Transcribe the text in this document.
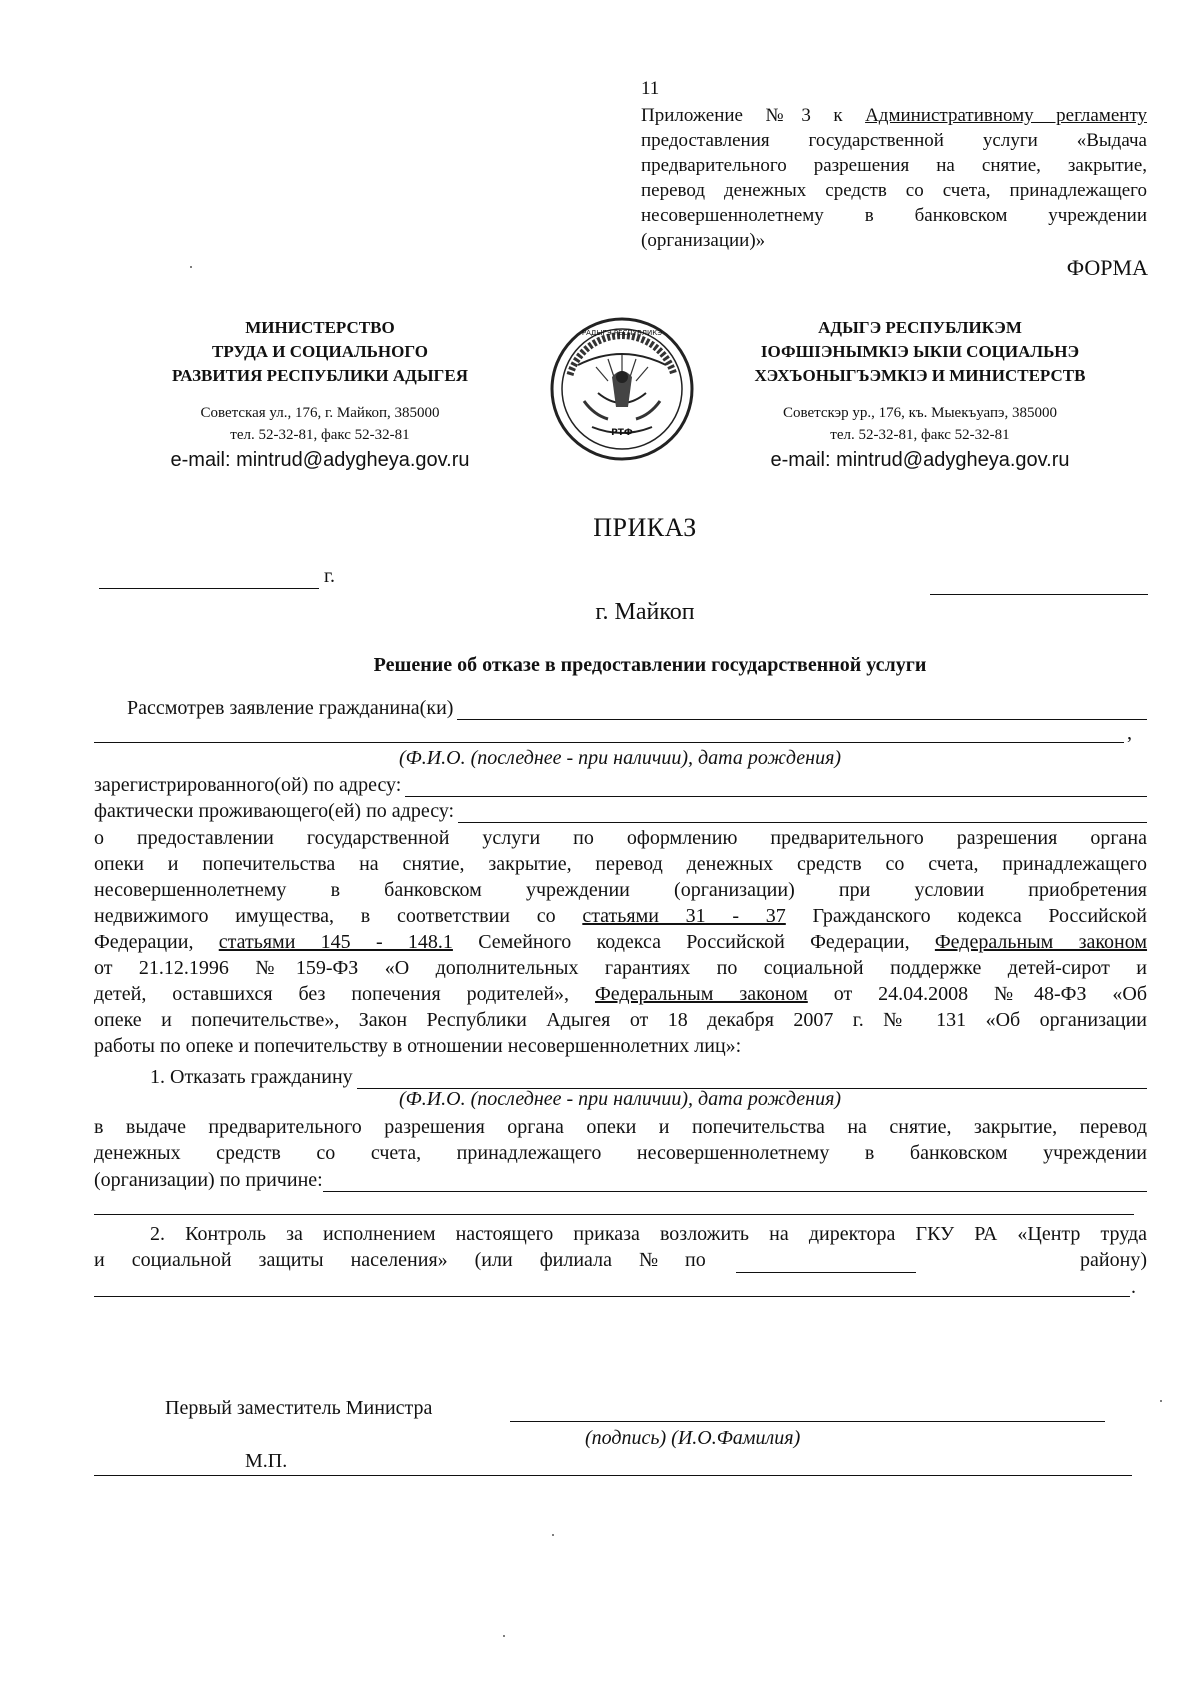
11
Приложение №3 к Административному регламенту
предоставления государственной услуги «Выдача
предварительного разрешения на снятие, закрытие,
перевод денежных средств со счета, принадлежащего
несовершеннолетнему в банковском учреждении
(организации)»
ФОРМА
МИНИСТЕРСТВО
ТРУДА И СОЦИАЛЬНОГО
РАЗВИТИЯ РЕСПУБЛИКИ АДЫГЕЯ
Советская ул., 176, г. Майкоп, 385000
тел. 52-32-81, факс 52-32-81
e-mail: mintrud@adygheya.gov.ru
РТФ
РАДЫГЭ РЕСПУБЛИКЭ	АДЫГЭ РЕСПУБЛИКЭМ
IОФШIЭНЫМКIЭ ЫКIИ СОЦИАЛЬНЭ
ХЭХЪОНЫГЪЭМКIЭ И МИНИСТЕРСТВ
Советскэр ур., 176, къ. Мыекъуапэ, 385000
тел. 52-32-81, факс 52-32-81
e-mail: mintrud@adygheya.gov.ru
ПРИКАЗ
г.
г. Майкоп
Решение об отказе в предоставлении государственной услуги
Рассмотрев заявление гражданина(ки)
,
(Ф.И.О. (последнее - при наличии), дата рождения)
зарегистрированного(ой) по адресу:
фактически проживающего(ей) по адресу:
о предоставлении государственной услуги по оформлению предварительного разрешения органа
опеки и попечительства на снятие, закрытие, перевод денежных средств со счета, принадлежащего
несовершеннолетнему в банковском учреждении (организации) при условии приобретения
недвижимого имущества, в соответствии со статьями 31 - 37 Гражданского кодекса Российской
Федерации, статьями 145 - 148.1 Семейного кодекса Российской Федерации, Федеральным законом
от 21.12.1996 №159-ФЗ «О дополнительных гарантиях по социальной поддержке детей-сирот и
детей, оставшихся без попечения родителей», Федеральным законом от 24.04.2008 №48-ФЗ «Об
опеке и попечительстве», Закон Республики Адыгея от 18 декабря 2007 г. № 131 «Об организации
работы по опеке и попечительству в отношении несовершеннолетних лиц»:
1. Отказать гражданину
(Ф.И.О. (последнее - при наличии), дата рождения)
в выдаче предварительного разрешения органа опеки и попечительства на снятие, закрытие, перевод
денежных средств со счета, принадлежащего несовершеннолетнему в банковском учреждении
(организации) по причине:
2. Контроль за исполнением настоящего приказа возложить на директора ГКУ РА «Центр труда
и социальной защиты населения» (или филиала № по	району)
.
Первый заместитель Министра
(подпись) (И.О.Фамилия)
М.П.
